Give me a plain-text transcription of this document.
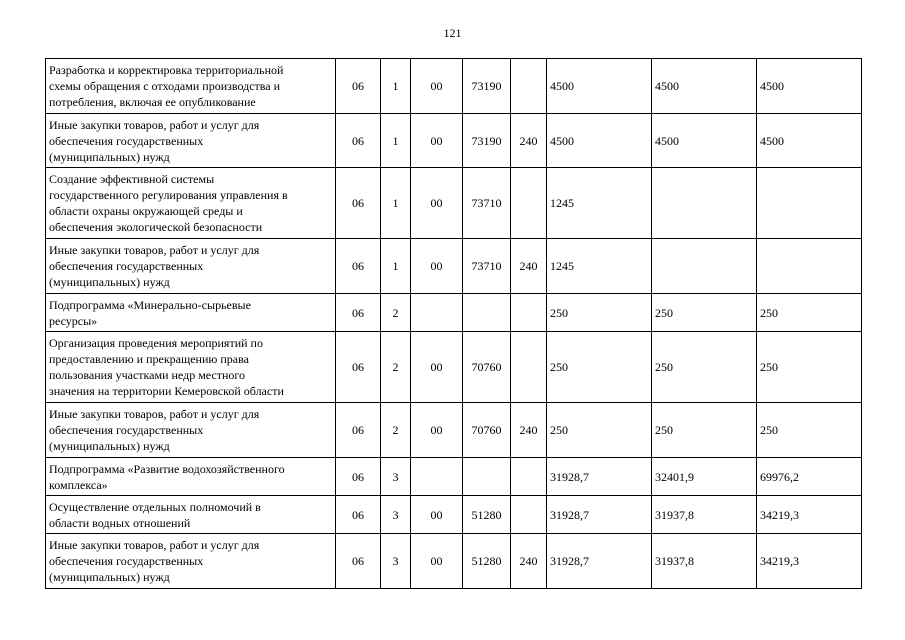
121
Разработка и корректировка территориальной
схемы обращения с отходами производства и
потребления, включая ее опубликование	06	1	00	73190		4500	4500	4500

Иные закупки товаров, работ и услуг для
обеспечения государственных
(муниципальных) нужд	06	1	00	73190	240	4500	4500	4500

Создание эффективной системы
государственного регулирования управления в
области охраны окружающей среды и
обеспечения экологической безопасности	06	1	00	73710		1245		

Иные закупки товаров, работ и услуг для
обеспечения государственных
(муниципальных) нужд	06	1	00	73710	240	1245		

Подпрограмма «Минерально-сырьевые
ресурсы»	06	2				250	250	250

Организация проведения мероприятий по
предоставлению и прекращению права
пользования участками недр местного
значения на территории Кемеровской области	06	2	00	70760		250	250	250

Иные закупки товаров, работ и услуг для
обеспечения государственных
(муниципальных) нужд	06	2	00	70760	240	250	250	250

Подпрограмма «Развитие водохозяйственного
комплекса»	06	3				31928,7	32401,9	69976,2

Осуществление отдельных полномочий в
области водных отношений	06	3	00	51280		31928,7	31937,8	34219,3

Иные закупки товаров, работ и услуг для
обеспечения государственных
(муниципальных) нужд	06	3	00	51280	240	31928,7	31937,8	34219,3
